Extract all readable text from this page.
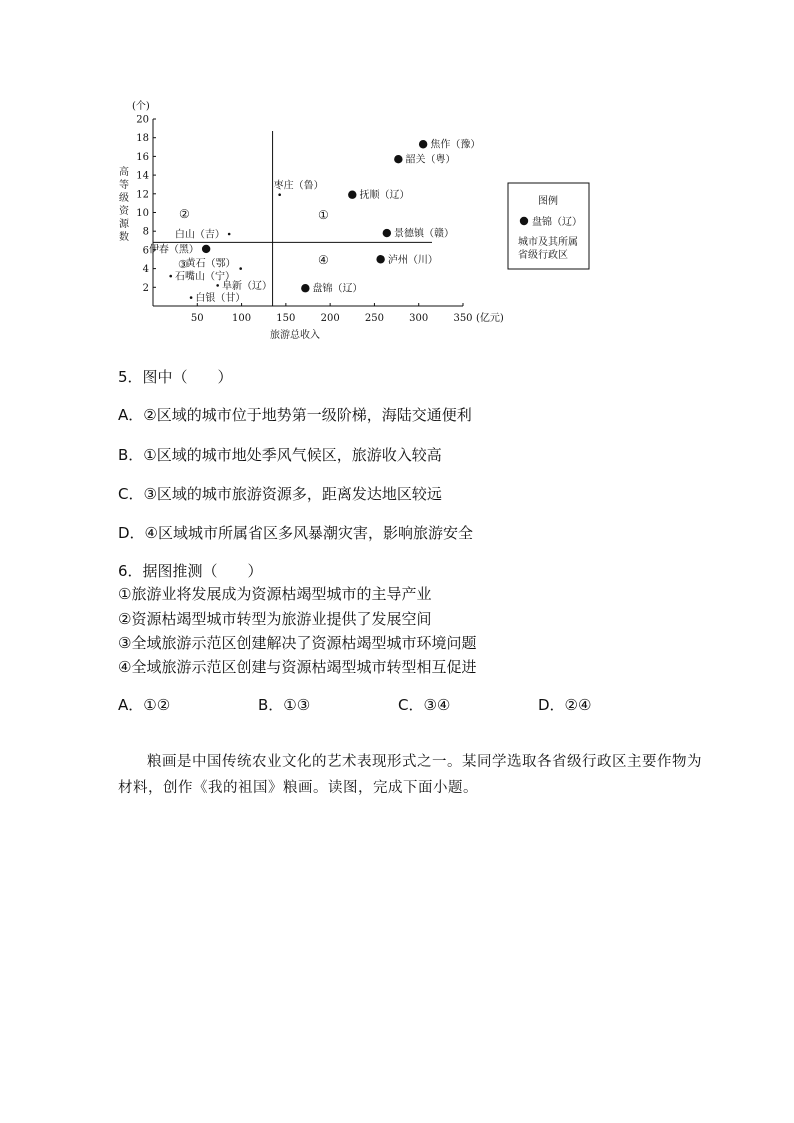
2
4
6
8
10
12
14
16
18
20
50	100	150	200	250	300	350
(个)
高
等
级
资
源
数
(亿元)
旅游总收入
①
②
③	④
焦作（豫）
韶关（粤）
抚顺（辽）
景德镇（赣）
泸州（川）
盘锦（辽）
伊春（黑）
枣庄（鲁）
白山（吉）
黄石（鄂）
石嘴山（宁）
阜新（辽）
白银（甘）
图例
盘锦（辽）
城市及其所属
省级行政区
5．图中（　　）
A．②区域的城市位于地势第一级阶梯，海陆交通便利
B．①区域的城市地处季风气候区，旅游收入较高
C．③区域的城市旅游资源多，距离发达地区较远
D．④区域城市所属省区多风暴潮灾害，影响旅游安全
6．据图推测（　　）
①旅游业将发展成为资源枯竭型城市的主导产业
②资源枯竭型城市转型为旅游业提供了发展空间
③全域旅游示范区创建解决了资源枯竭型城市环境问题
④全域旅游示范区创建与资源枯竭型城市转型相互促进
A．①②	B．①③	C．③④	D．②④
粮画是中国传统农业文化的艺术表现形式之一。某同学选取各省级行政区主要作物为材料，创作《我的祖国》粮画。读图，完成下面小题。
